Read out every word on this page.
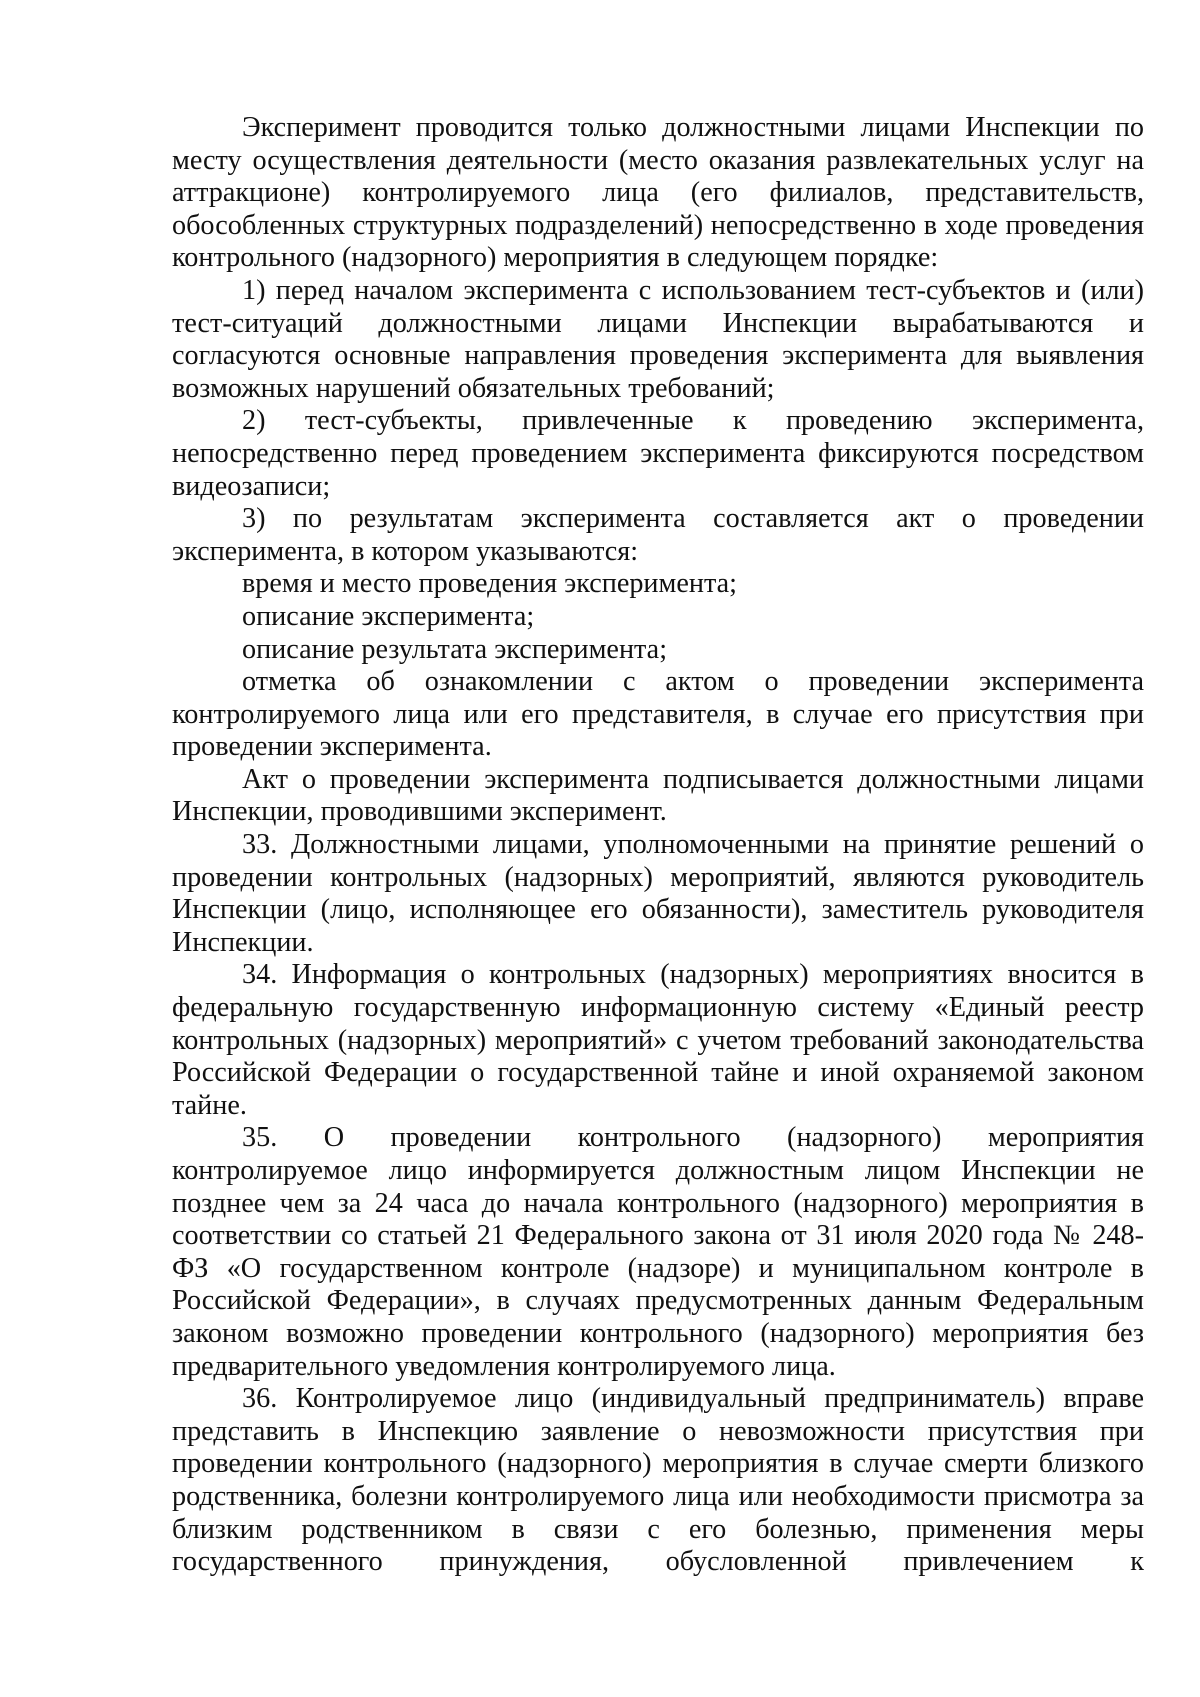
Эксперимент проводится только должностными лицами Инспекции по месту осуществления деятельности (место оказания развлекательных услуг на аттракционе) контролируемого лица (его филиалов, представительств, обособленных структурных подразделений) непосредственно в ходе проведения контрольного (надзорного) мероприятия в следующем порядке:

1) перед началом эксперимента с использованием тест-субъектов и (или) тест-ситуаций должностными лицами Инспекции вырабатываются и согласуются основные направления проведения эксперимента для выявления возможных нарушений обязательных требований;

2) тест-субъекты, привлеченные к проведению эксперимента, непосредственно перед проведением эксперимента фиксируются посредством видеозаписи;

3) по результатам эксперимента составляется акт о проведении эксперимента, в котором указываются:

время и место проведения эксперимента;

описание эксперимента;

описание результата эксперимента;

отметка об ознакомлении с актом о проведении эксперимента контролируемого лица или его представителя, в случае его присутствия при проведении эксперимента.

Акт о проведении эксперимента подписывается должностными лицами Инспекции, проводившими эксперимент.

33. Должностными лицами, уполномоченными на принятие решений о проведении контрольных (надзорных) мероприятий, являются руководитель Инспекции (лицо, исполняющее его обязанности), заместитель руководителя Инспекции.

34. Информация о контрольных (надзорных) мероприятиях вносится в федеральную государственную информационную систему «Единый реестр контрольных (надзорных) мероприятий» с учетом требований законодательства Российской Федерации о государственной тайне и иной охраняемой законом тайне.

35. О проведении контрольного (надзорного) мероприятия контролируемое лицо информируется должностным лицом Инспекции не позднее чем за 24 часа до начала контрольного (надзорного) мероприятия в соответствии со статьей 21 Федерального закона от 31 июля 2020 года № 248-ФЗ «О государственном контроле (надзоре) и муниципальном контроле в Российской Федерации», в случаях предусмотренных данным Федеральным законом возможно проведении контрольного (надзорного) мероприятия без предварительного уведомления контролируемого лица.

36. Контролируемое лицо (индивидуальный предприниматель) вправе представить в Инспекцию заявление о невозможности присутствия при проведении контрольного (надзорного) мероприятия в случае смерти близкого родственника, болезни контролируемого лица или необходимости присмотра за близким родственником в связи с его болезнью, применения меры государственного принуждения, обусловленной привлечением к
